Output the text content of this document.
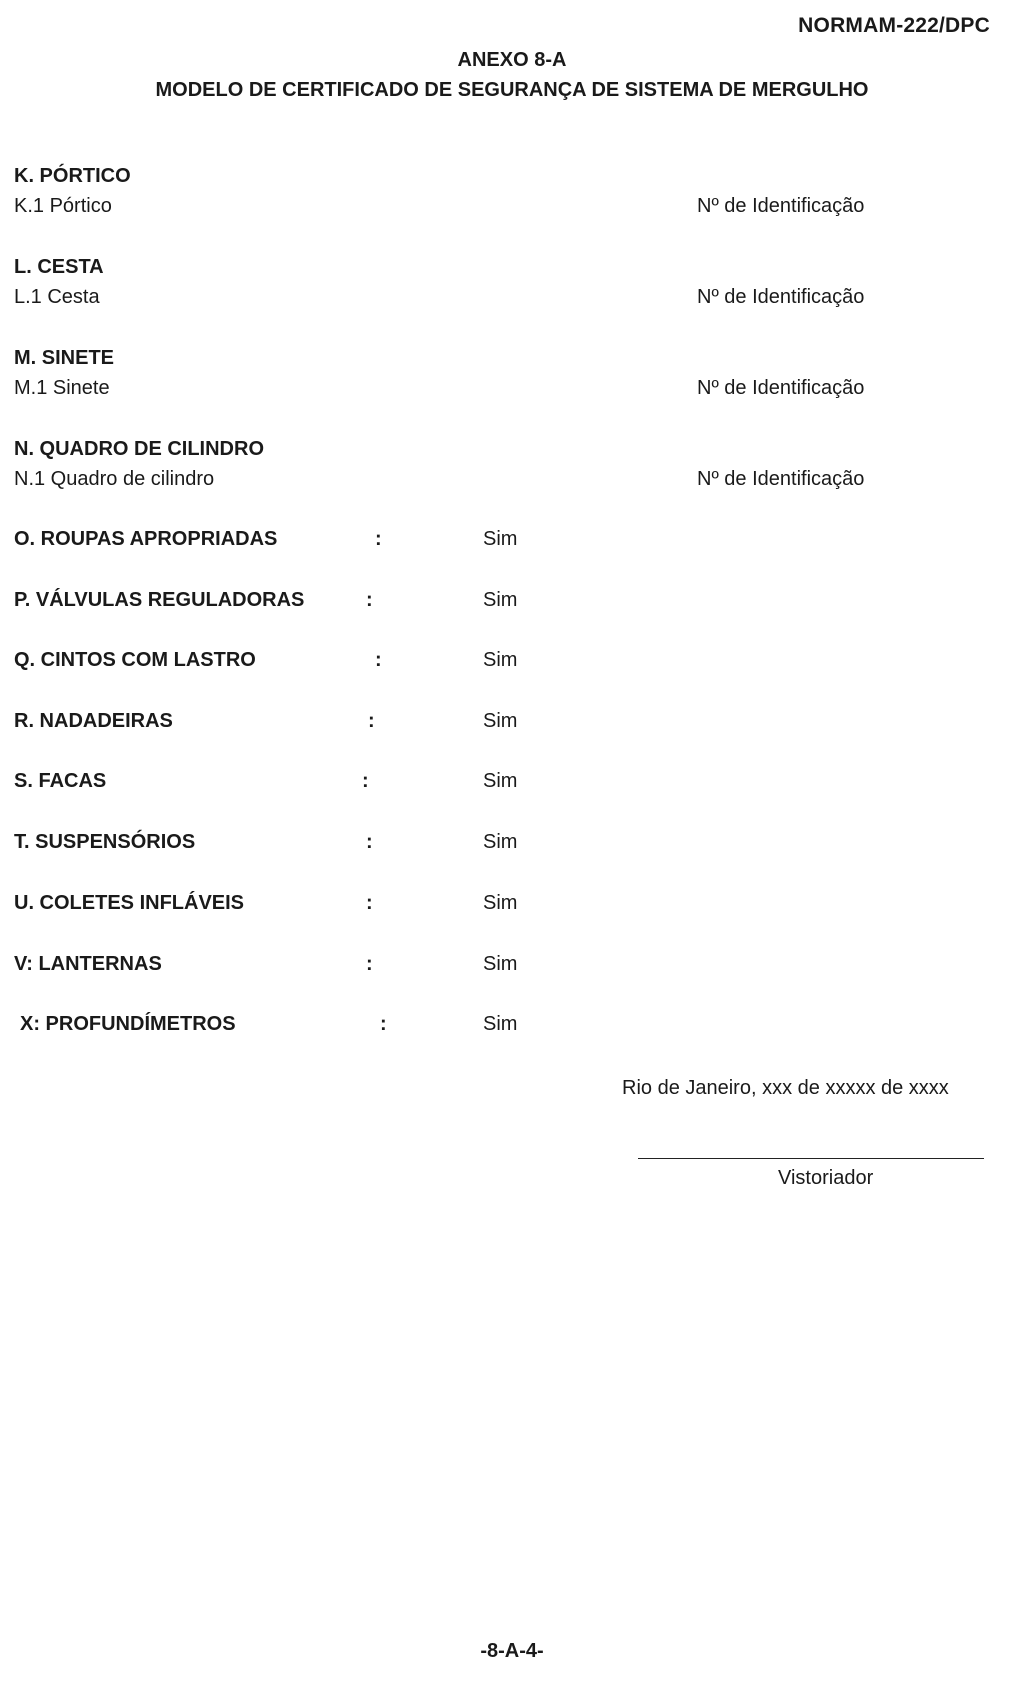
NORMAM-222/DPC
ANEXO 8-A
MODELO DE CERTIFICADO DE SEGURANÇA DE SISTEMA DE MERGULHO
K. PÓRTICO
K.1 Pórtico	Nº de Identificação
L. CESTA
L.1 Cesta	Nº de Identificação
M. SINETE
M.1 Sinete	Nº de Identificação
N. QUADRO DE CILINDRO
N.1 Quadro de cilindro	Nº de Identificação
O. ROUPAS APROPRIADAS	:	Sim
P. VÁLVULAS REGULADORAS	:	Sim
Q. CINTOS COM LASTRO	:	Sim
R. NADADEIRAS	:	Sim
S. FACAS	:	Sim
T. SUSPENSÓRIOS	:	Sim
U. COLETES INFLÁVEIS	:	Sim
V: LANTERNAS	:	Sim
X: PROFUNDÍMETROS	:	Sim
Rio de Janeiro, xxx de xxxxx de xxxx
Vistoriador
-8-A-4-
